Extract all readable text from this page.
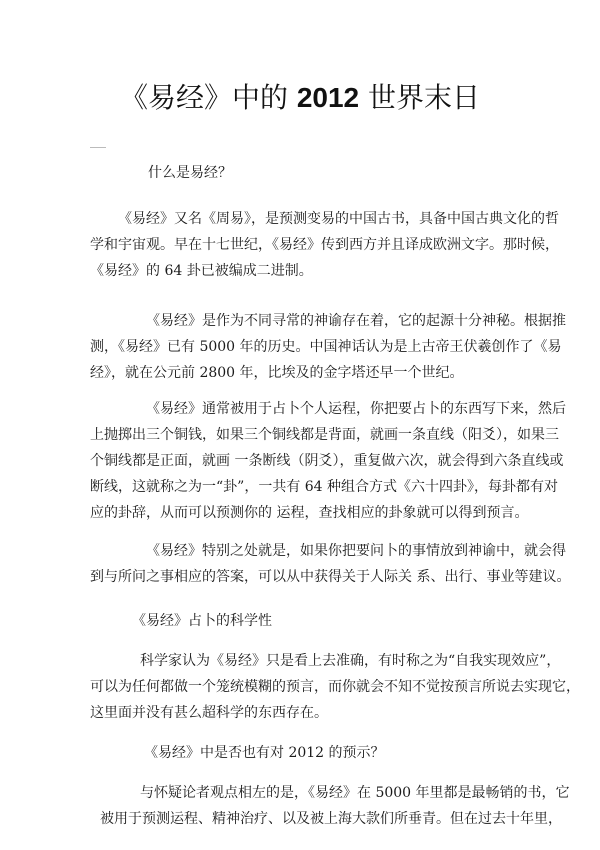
《易经》中的 2012 世界末日
什么是易经？
《易经》又名《周易》，是预测变易的中国古书，具备中国古典文化的哲
学和宇宙观。早在十七世纪，《易经》传到西方并且译成欧洲文字。那时候，
《易经》的 64 卦已被编成二进制。
《易经》是作为不同寻常的神谕存在着，它的起源十分神秘。根据推
测，《易经》已有 5000 年的历史。中国神话认为是上古帝王伏羲创作了《易
经》，就在公元前 2800 年，比埃及的金字塔还早一个世纪。
《易经》通常被用于占卜个人运程，你把要占卜的东西写下来，然后
上抛掷出三个铜钱，如果三个铜线都是背面，就画一条直线（阳爻），如果三
个铜线都是正面，就画 一条断线（阴爻），重复做六次，就会得到六条直线或
断线，这就称之为一“卦”，一共有 64 种组合方式《六十四卦》，每卦都有对
应的卦辞，从而可以预测你的 运程，查找相应的卦象就可以得到预言。
《易经》特别之处就是，如果你把要问卜的事情放到神谕中，就会得
到与所问之事相应的答案，可以从中获得关于人际关 系、出行、事业等建议。
《易经》占卜的科学性
科学家认为《易经》只是看上去准确，有时称之为“自我实现效应”，
可以为任何都做一个笼统模糊的预言，而你就会不知不觉按预言所说去实现它，
这里面并没有甚么超科学的东西存在。
《易经》中是否也有对 2012 的预示？
与怀疑论者观点相左的是，《易经》在 5000 年里都是最畅销的书，它
被用于预测运程、精神治疗、以及被上海大款们所垂青。但在过去十年里，
